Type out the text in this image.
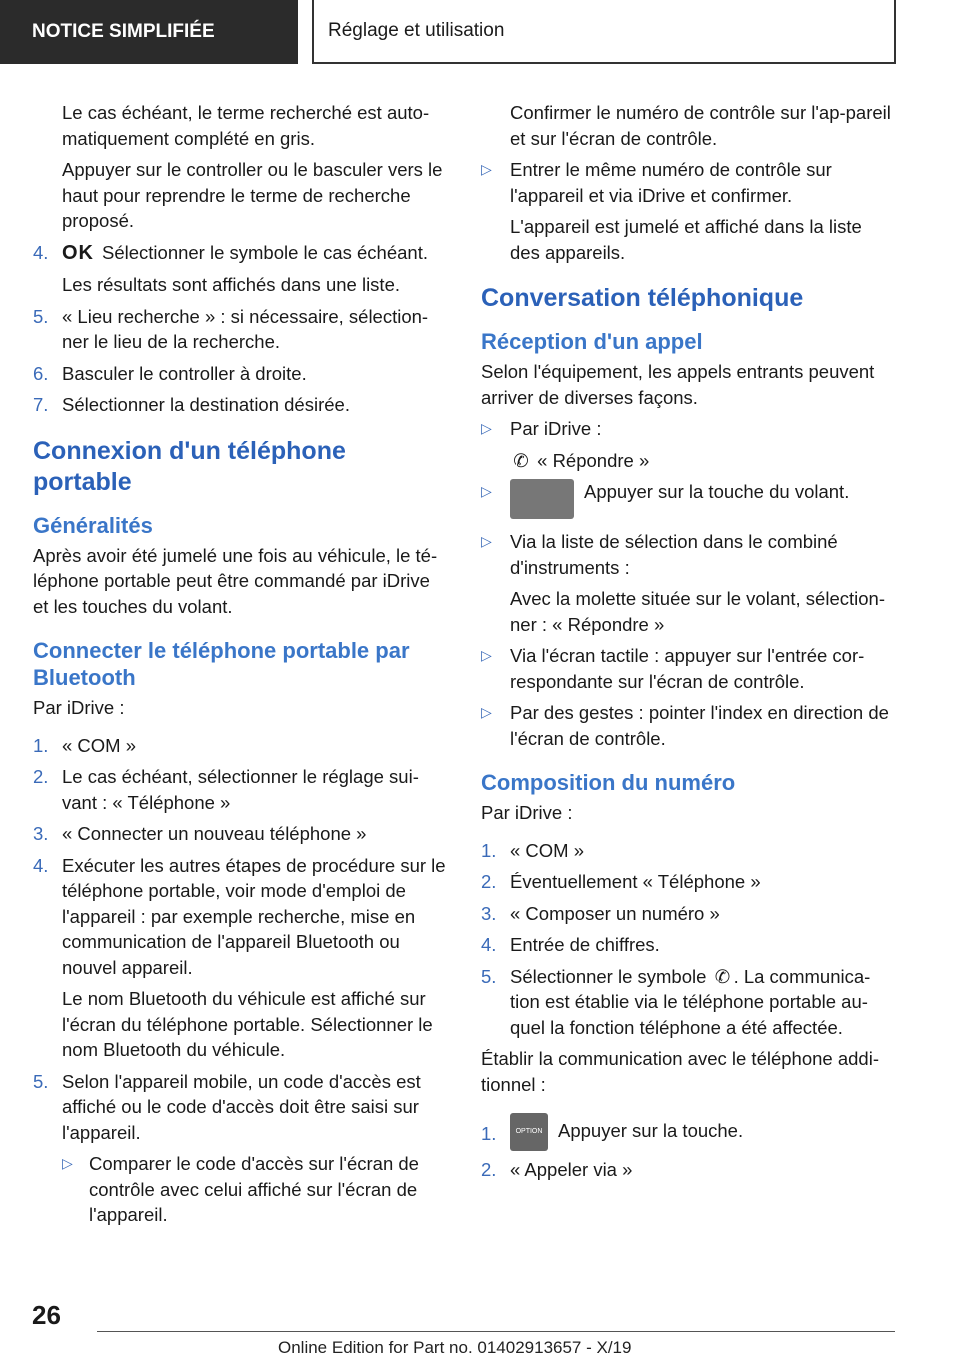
NOTICE SIMPLIFIÉE	Réglage et utilisation

Le cas échéant, le terme recherché est auto-matiquement complété en gris.

Appuyer sur le controller ou le basculer vers le haut pour reprendre le terme de recherche proposé.

4. OK Sélectionner le symbole le cas échéant.

Les résultats sont affichés dans une liste.

5. « Lieu recherche » : si nécessaire, sélection-ner le lieu de la recherche.
6. Basculer le controller à droite.
7. Sélectionner la destination désirée.
Connexion d'un téléphone portable
Généralités

Après avoir été jumelé une fois au véhicule, le té-léphone portable peut être commandé par iDrive et les touches du volant.

Connecter le téléphone portable par Bluetooth

Par iDrive :

1. « COM »
2. Le cas échéant, sélectionner le réglage sui-vant : « Téléphone »
3. « Connecter un nouveau téléphone »
4. Exécuter les autres étapes de procédure sur le téléphone portable, voir mode d'emploi de l'appareil : par exemple recherche, mise en communication de l'appareil Bluetooth ou nouvel appareil.

Le nom Bluetooth du véhicule est affiché sur l'écran du téléphone portable. Sélectionner le nom Bluetooth du véhicule.

5. Selon l'appareil mobile, un code d'accès est affiché ou le code d'accès doit être saisi sur l'appareil.
▷ Comparer le code d'accès sur l'écran de contrôle avec celui affiché sur l'écran de l'appareil.

Confirmer le numéro de contrôle sur l'ap-pareil et sur l'écran de contrôle.

▷ Entrer le même numéro de contrôle sur l'appareil et via iDrive et confirmer.

L'appareil est jumelé et affiché dans la liste des appareils.

Conversation téléphonique
Réception d'un appel

Selon l'équipement, les appels entrants peuvent arriver de diverses façons.

▷ Par iDrive :

✆ « Répondre »

▷	Appuyer sur la touche du volant.
▷ Via la liste de sélection dans le combiné d'instruments :

Avec la molette située sur le volant, sélection-ner : « Répondre »

▷ Via l'écran tactile : appuyer sur l'entrée cor-respondante sur l'écran de contrôle.
▷ Par des gestes : pointer l'index en direction de l'écran de contrôle.
Composition du numéro

Par iDrive :

1. « COM »
2. Éventuellement « Téléphone »
3. « Composer un numéro »
4. Entrée de chiffres.
5. Sélectionner le symbole ✆ . La communica-tion est établie via le téléphone portable au-quel la fonction téléphone a été affectée.

Établir la communication avec le téléphone addi-tionnel :

1.	OPTION Appuyer sur la touche.
2. « Appeler via »
26
Online Edition for Part no. 01402913657 - X/19
